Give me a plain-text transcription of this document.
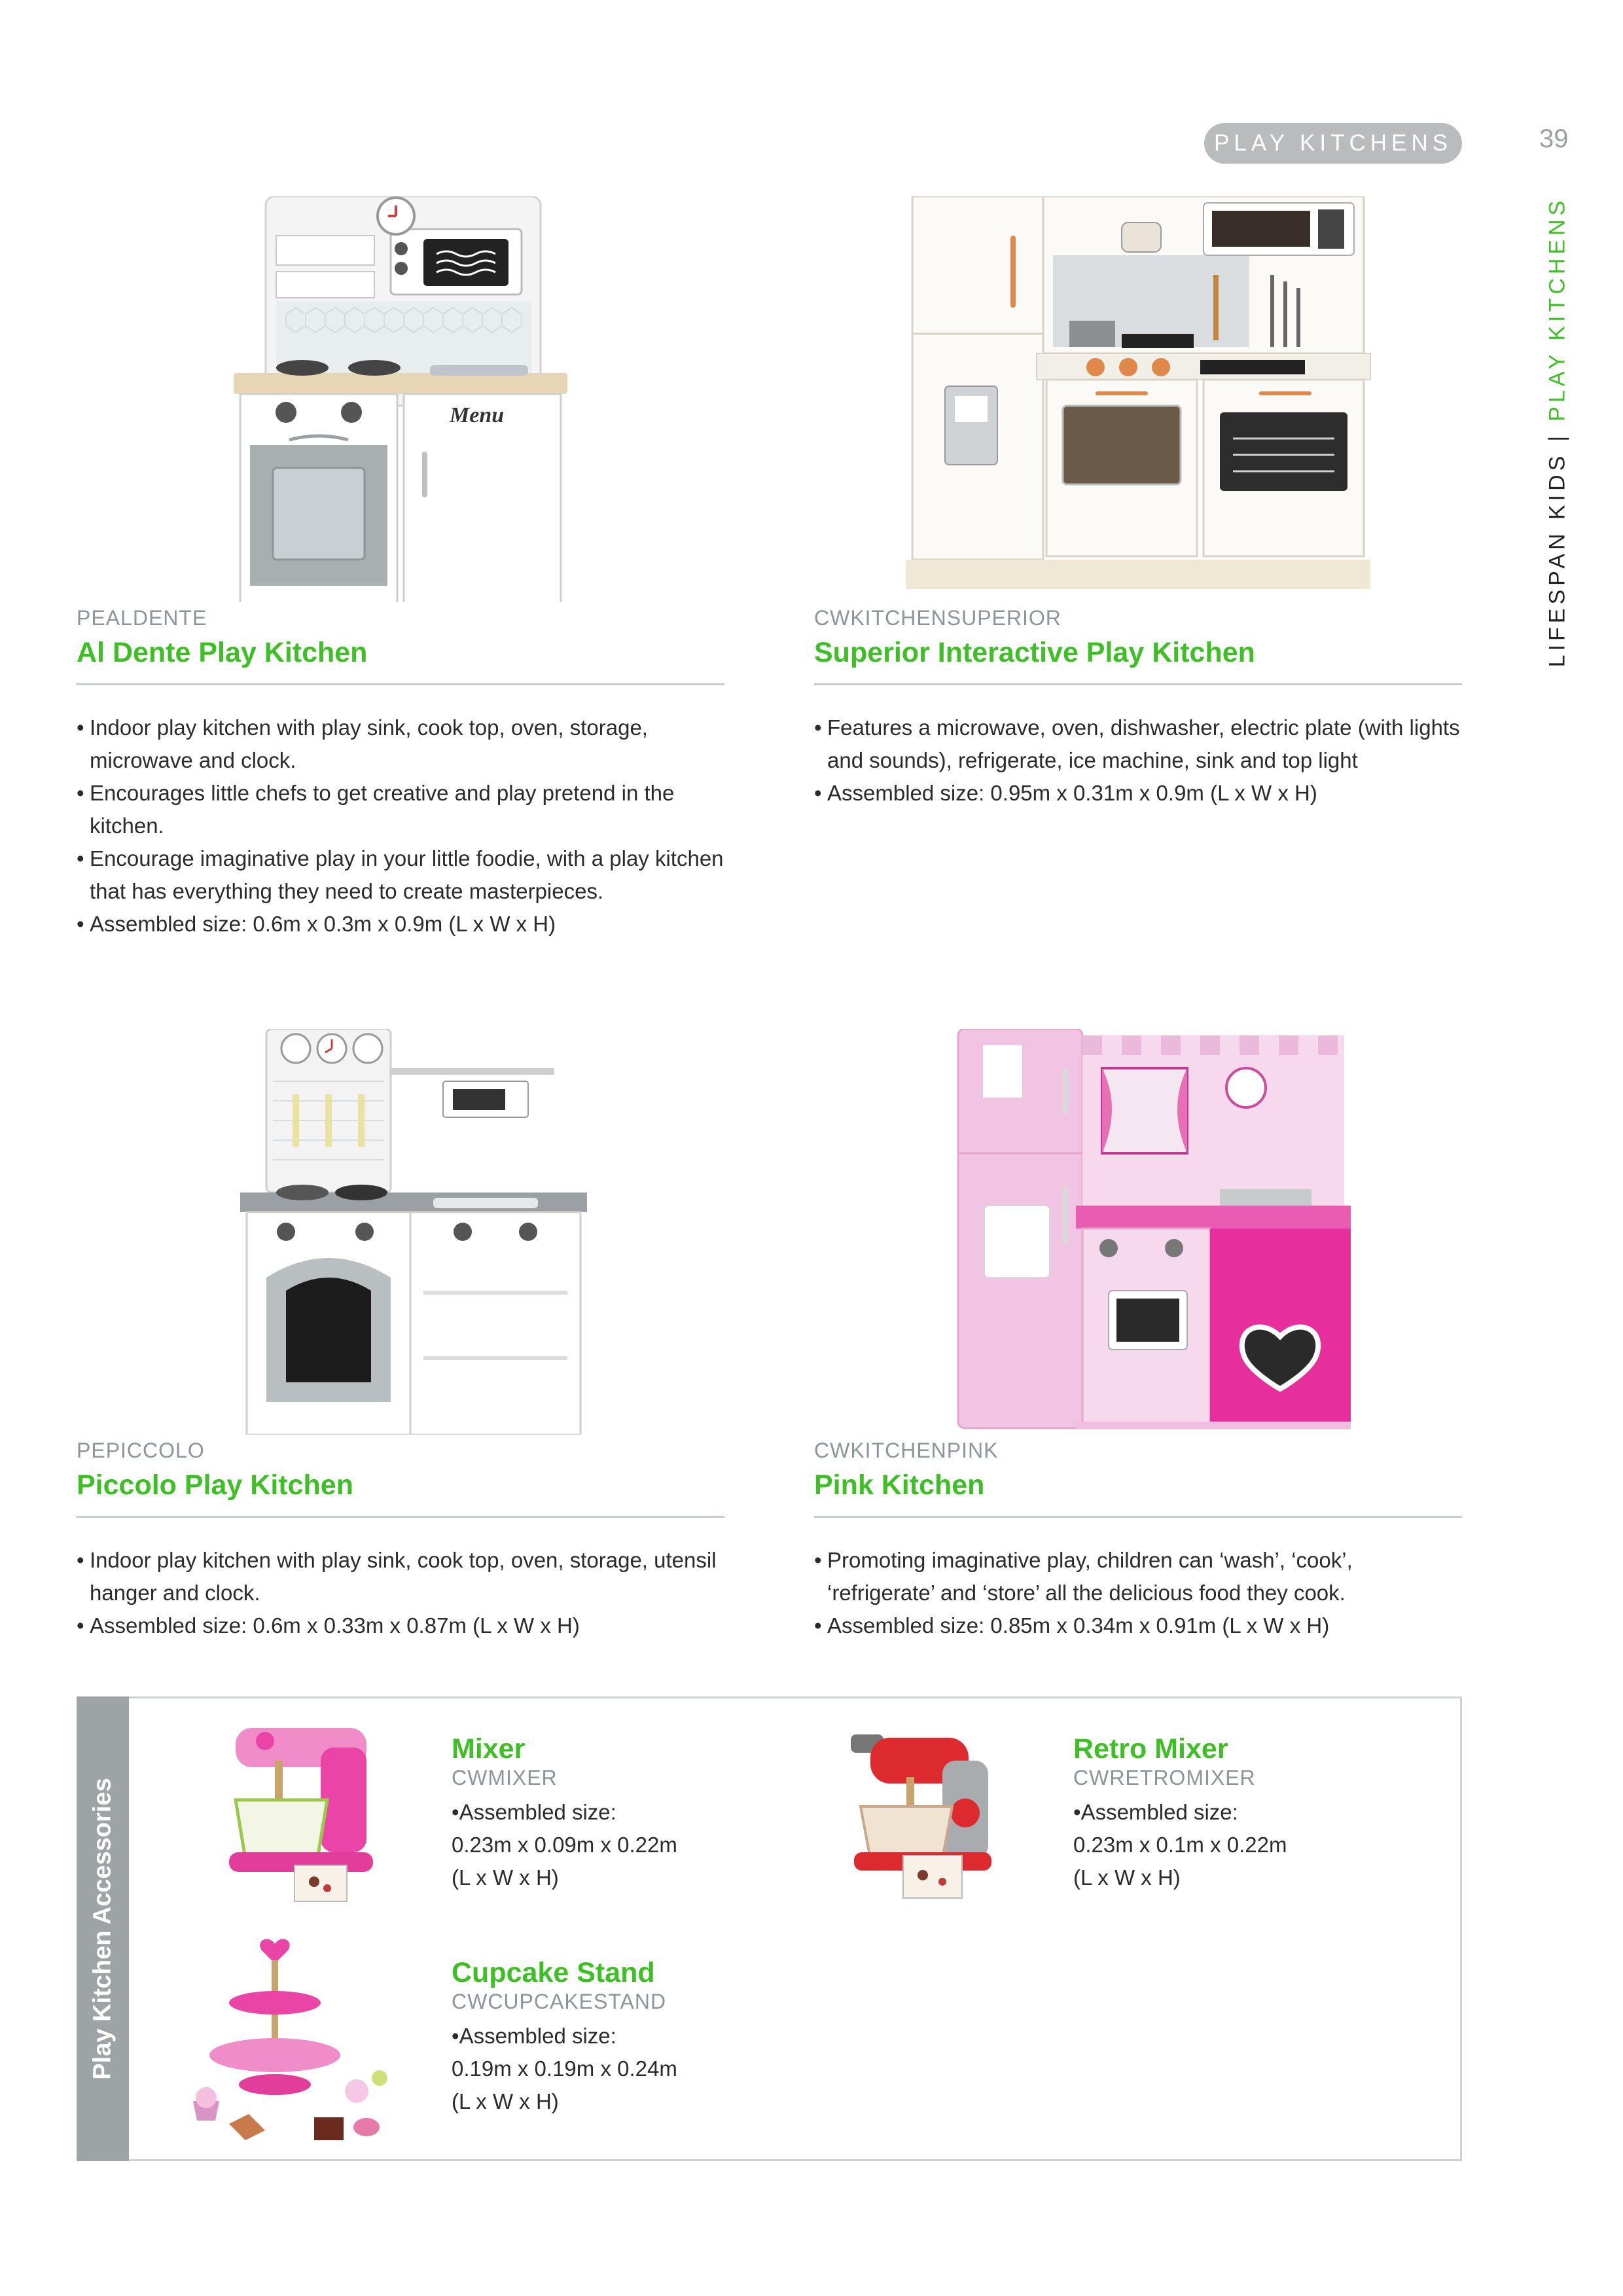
PLAY KITCHENS	39
LIFESPAN KIDS|PLAY KITCHENS
Menu
PEALDENTE
Al Dente Play Kitchen
• Indoor play kitchen with play sink, cook top, oven, storage, microwave and clock.
• Encourages little chefs to get creative and play pretend in the kitchen.
• Encourage imaginative play in your little foodie, with a play kitchen that has everything they need to create masterpieces.
• Assembled size: 0.6m x 0.3m x 0.9m (L x W x H)
CWKITCHENSUPERIOR
Superior Interactive Play Kitchen
• Features a microwave, oven, dishwasher, electric plate (with lights and sounds), refrigerate, ice machine, sink and top light
• Assembled size: 0.95m x 0.31m x 0.9m (L x W x H)
PEPICCOLO
Piccolo Play Kitchen
• Indoor play kitchen with play sink, cook top, oven, storage, utensil hanger and clock.
• Assembled size: 0.6m x 0.33m x 0.87m (L x W x H)
CWKITCHENPINK
Pink Kitchen
• Promoting imaginative play, children can ‘wash’, ‘cook’, ‘refrigerate’ and ‘store’ all the delicious food they cook.
• Assembled size: 0.85m x 0.34m x 0.91m (L x W x H)
Play Kitchen Accessories
Mixer
CWMIXER
• Assembled size:
0.23m x 0.09m x 0.22m
(L x W x H)
Retro Mixer
CWRETROMIXER
• Assembled size:
0.23m x 0.1m x 0.22m
(L x W x H)
Cupcake Stand
CWCUPCAKESTAND
• Assembled size:
0.19m x 0.19m x 0.24m
(L x W x H)
